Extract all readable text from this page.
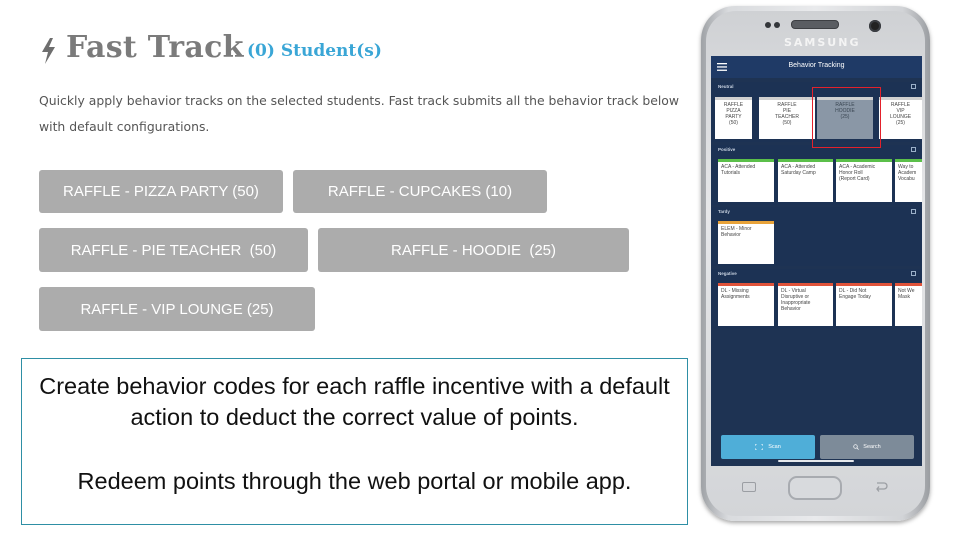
Fast Track (0) Student(s)
Quickly apply behavior tracks on the selected students. Fast track submits all the behavior track below with default configurations.
RAFFLE - PIZZA PARTY (50)	RAFFLE - CUPCAKES (10)
RAFFLE - PIE TEACHER  (50)	RAFFLE - HOODIE  (25)
RAFFLE - VIP LOUNGE (25)
Create behavior codes for each raffle incentive with a default action to deduct the correct value of points.
Redeem points through the web portal or mobile app.
SAMSUNG
Behavior Tracking
Neutral
RAFFLE
PIZZA
PARTY
(50)
RAFFLE
PIE
TEACHER
(50)
RAFFLE
HOODIE
(25)
RAFFLE
VIP
LOUNGE
(25)
Positive
ACA - Attended
Tutorials
ACA - Attended
Saturday Camp
ACA - Academic
Honor Roll
(Report Card)
Way to
Academ
Vocabu
Tardy
ELEM - Minor
Behavior
Negative
DL - Missing
Assignments
DL - Virtual
Disruptive or
Inappropriate
Behavior
DL - Did Not
Engage Today
Not We
Mask
Scan	Search
